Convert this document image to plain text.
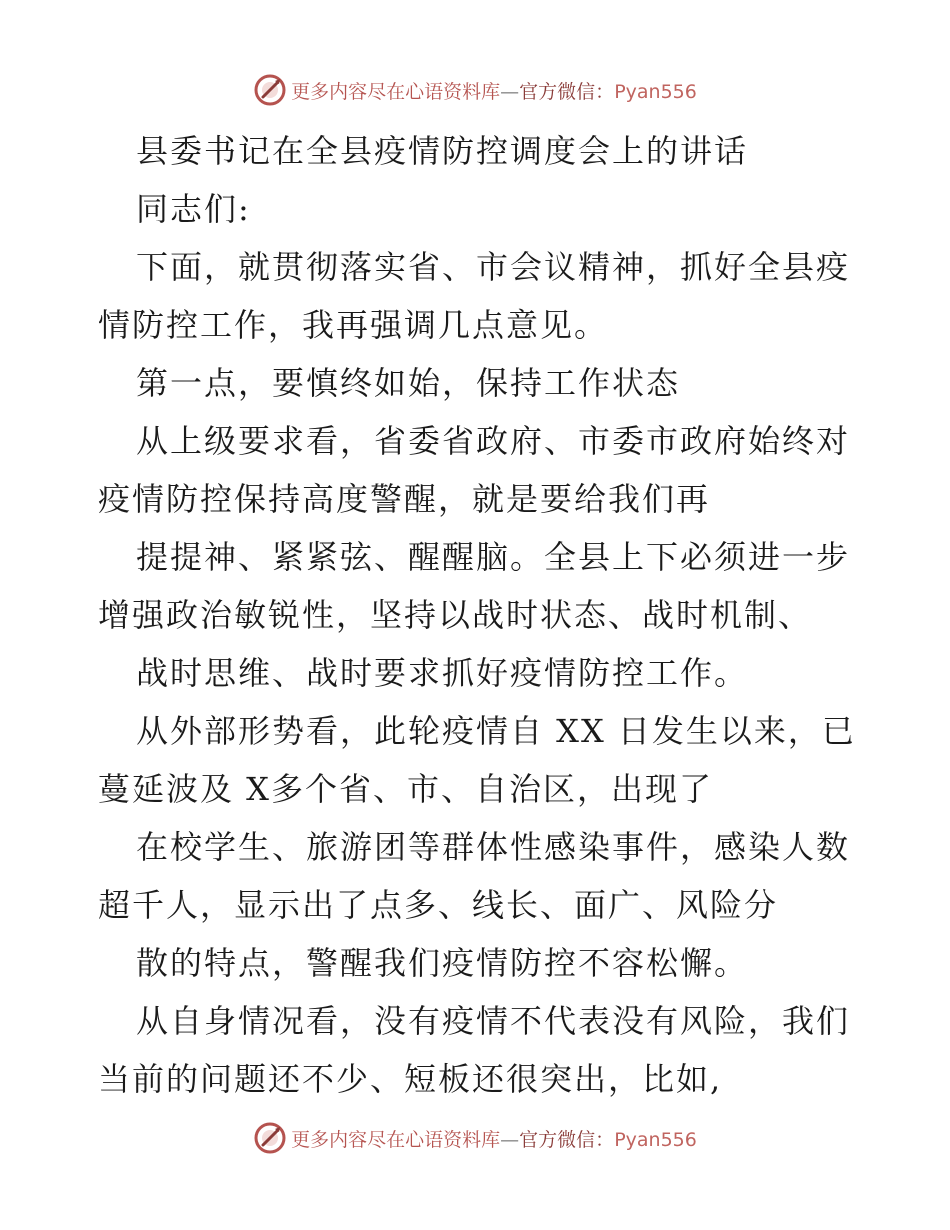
更多内容尽在心语资料库—官方微信：Pyan556
县委书记在全县疫情防控调度会上的讲话
同志们:
下面，就贯彻落实省、市会议精神，抓好全县疫
情防控工作，我再强调几点意见。
第一点，要慎终如始，保持工作状态
从上级要求看，省委省政府、市委市政府始终对
疫情防控保持高度警醒，就是要给我们再
提提神、紧紧弦、醒醒脑。全县上下必须进一步
增强政治敏锐性，坚持以战时状态、战时机制、
战时思维、战时要求抓好疫情防控工作。
从外部形势看，此轮疫情自 XX 日发生以来，已
蔓延波及 X多个省、市、自治区，出现了
在校学生、旅游团等群体性感染事件，感染人数
超千人，显示出了点多、线长、面广、风险分
散的特点，警醒我们疫情防控不容松懈。
从自身情况看，没有疫情不代表没有风险，我们
当前的问题还不少、短板还很突出，比如,
更多内容尽在心语资料库—官方微信：Pyan556
